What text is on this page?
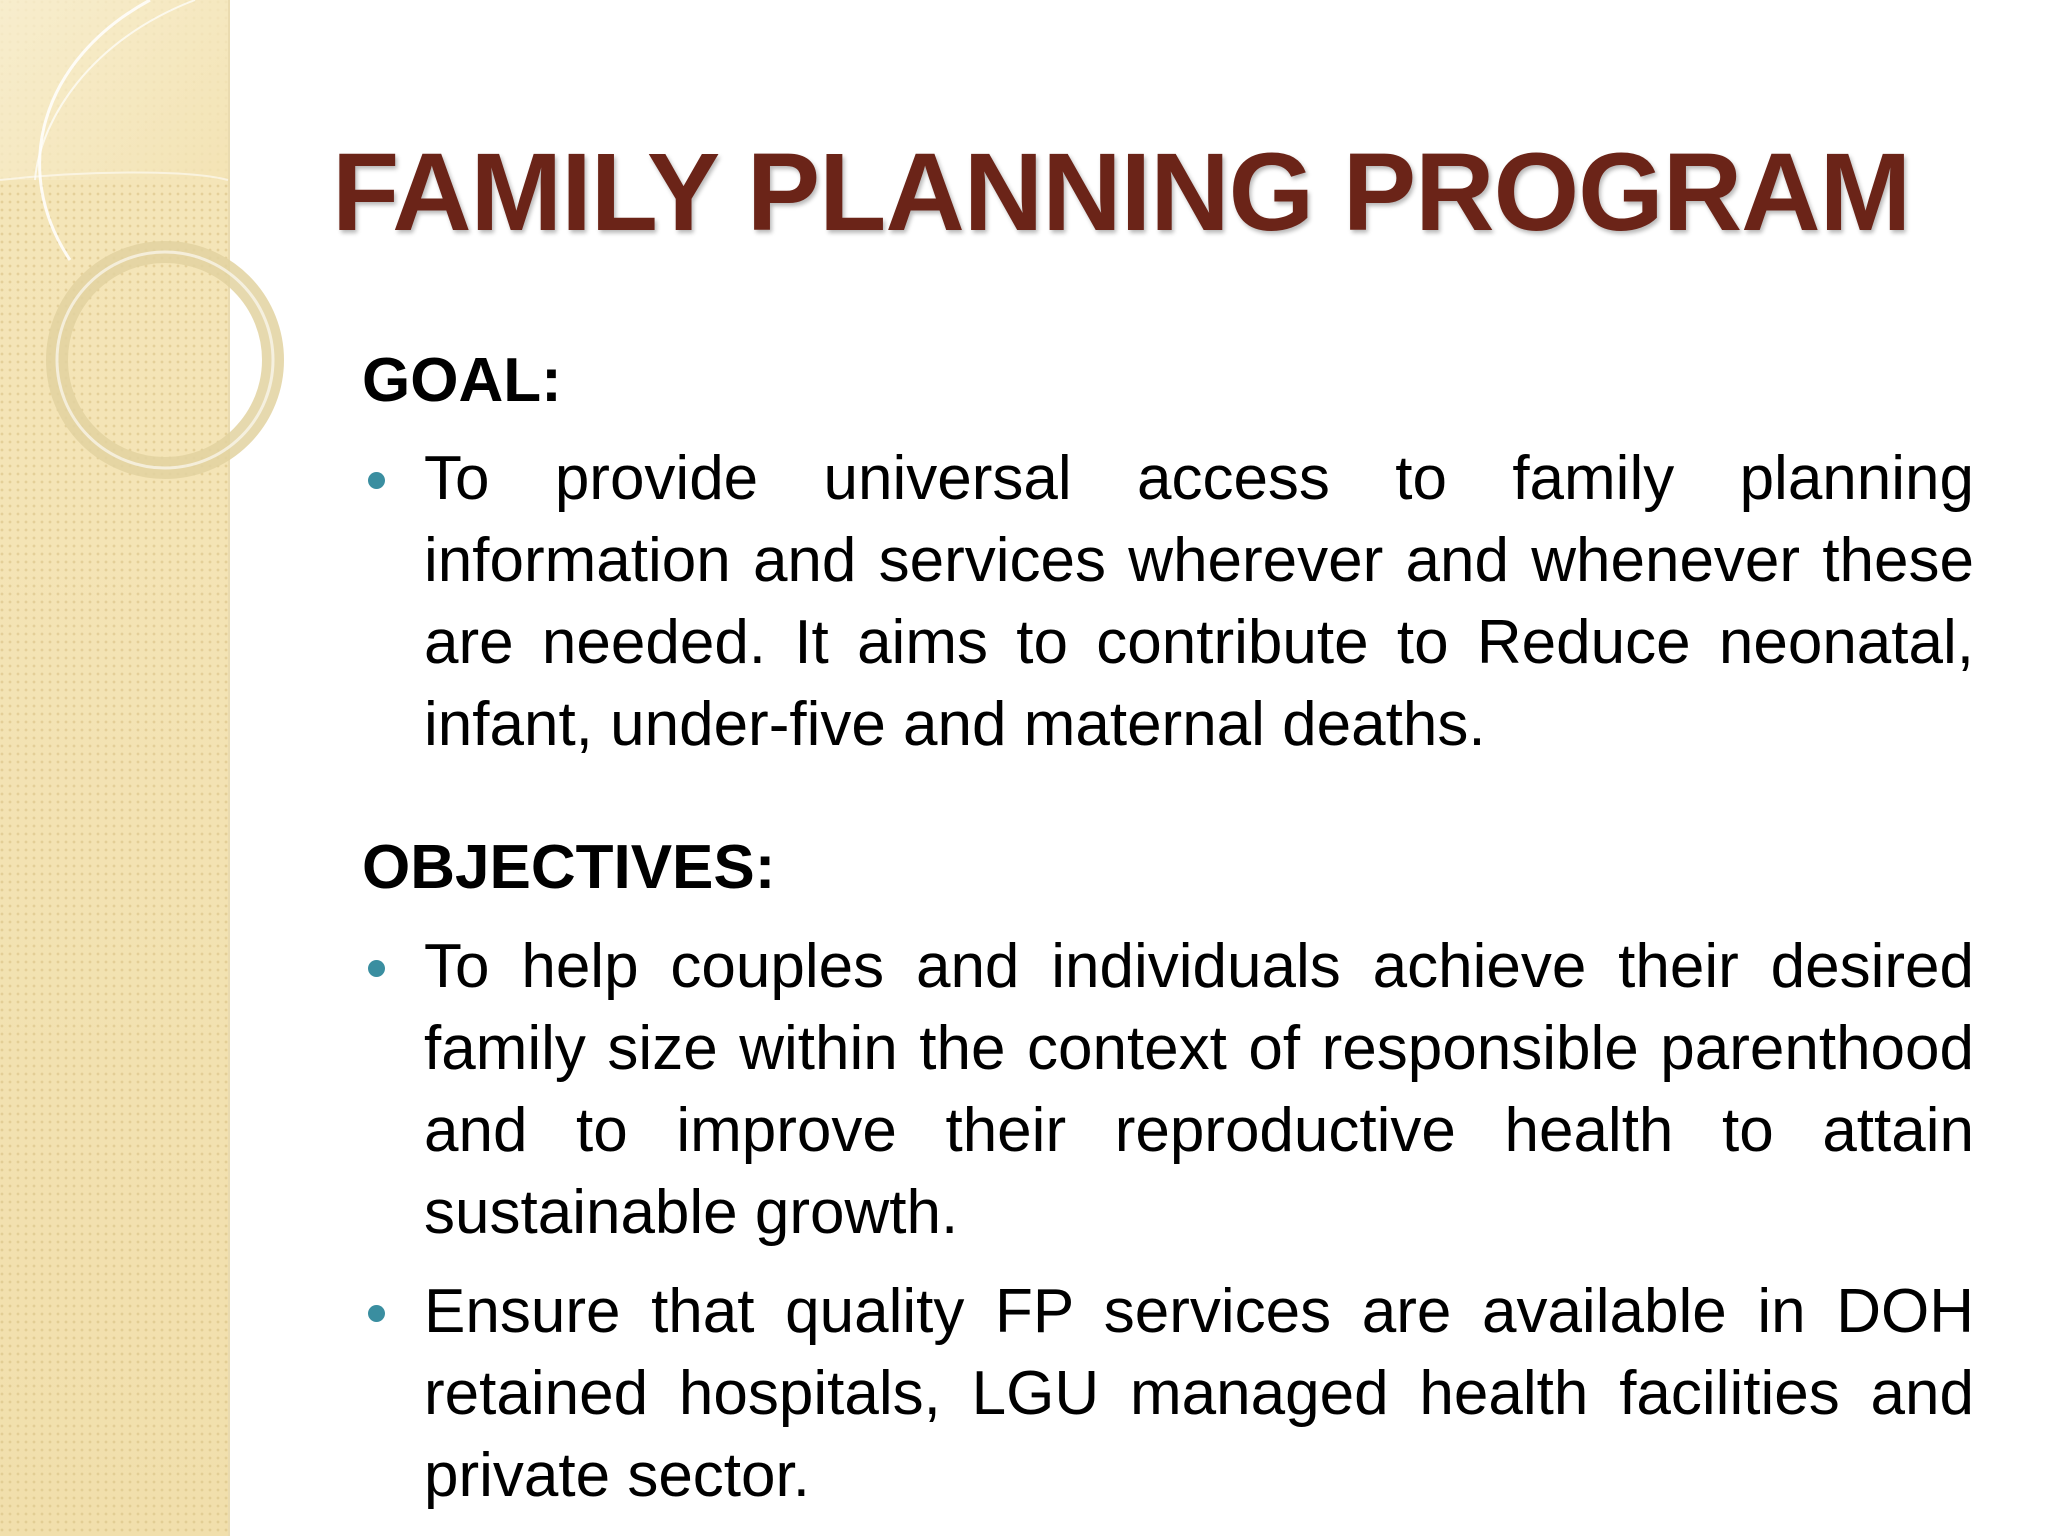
FAMILY PLANNING PROGRAM
GOAL:
To provide universal access to family planning information and services wherever and whenever these are needed. It aims to contribute to Reduce neonatal, infant, under-five and maternal deaths.
OBJECTIVES:
To help couples and individuals achieve their desired family size within the context of responsible parenthood and to improve their reproductive health to attain sustainable growth.
Ensure that quality FP services are available in DOH retained hospitals, LGU managed health facilities and private sector.
